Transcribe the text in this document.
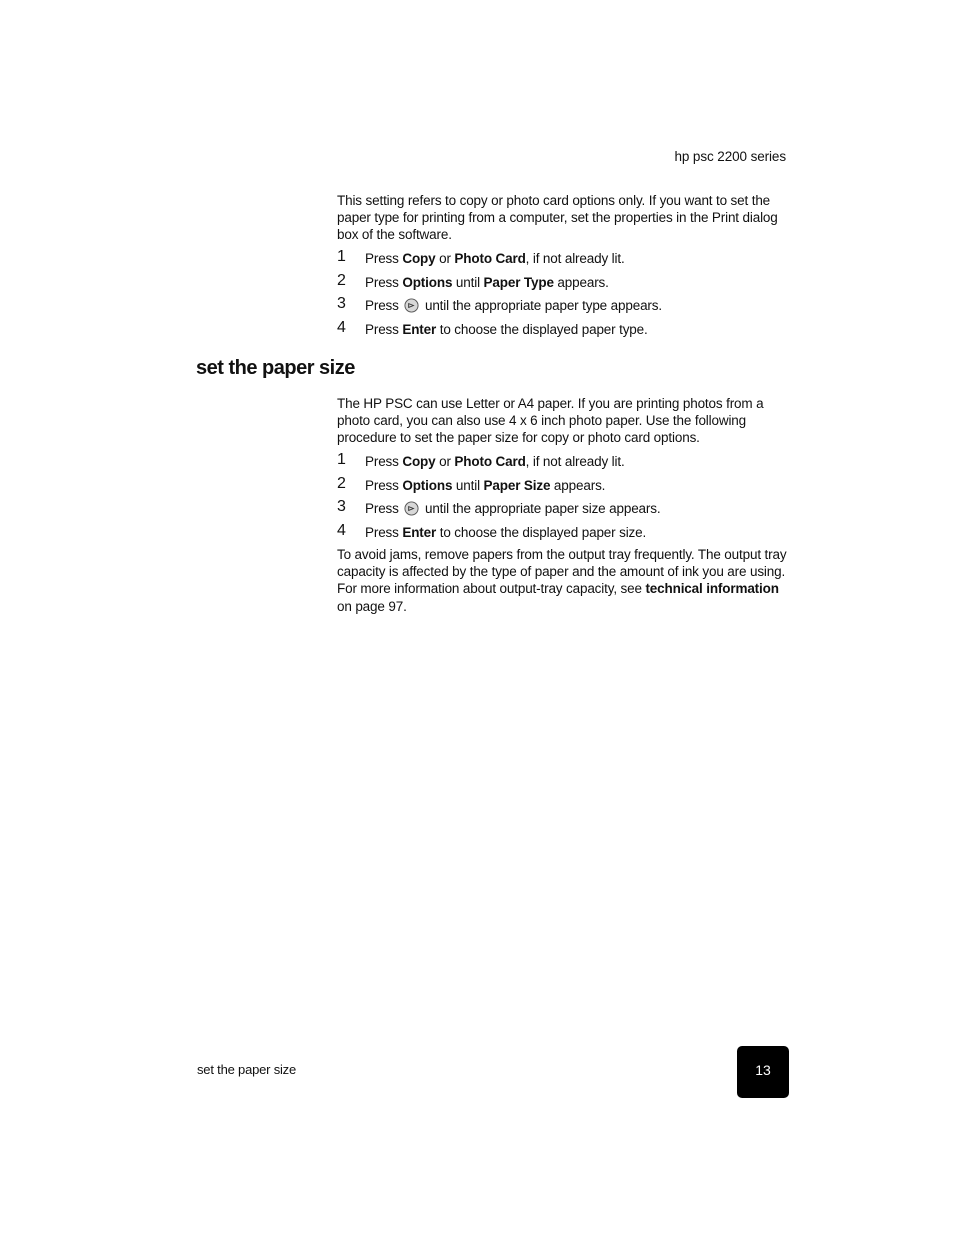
hp psc 2200 series

This setting refers to copy or photo card options only. If you want to set the paper type for printing from a computer, set the properties in the Print dialog box of the software.

1	Press Copy or Photo Card, if not already lit.
2	Press Options until Paper Type appears.
3	Press  until the appropriate paper type appears.
4	Press Enter to choose the displayed paper type.
set the paper size

The HP PSC can use Letter or A4 paper. If you are printing photos from a photo card, you can also use 4 x 6 inch photo paper. Use the following procedure to set the paper size for copy or photo card options.

1	Press Copy or Photo Card, if not already lit.
2	Press Options until Paper Size appears.
3	Press  until the appropriate paper size appears.
4	Press Enter to choose the displayed paper size.

To avoid jams, remove papers from the output tray frequently. The output tray capacity is affected by the type of paper and the amount of ink you are using. For more information about output-tray capacity, see technical information on page 97.

set the paper size	13
